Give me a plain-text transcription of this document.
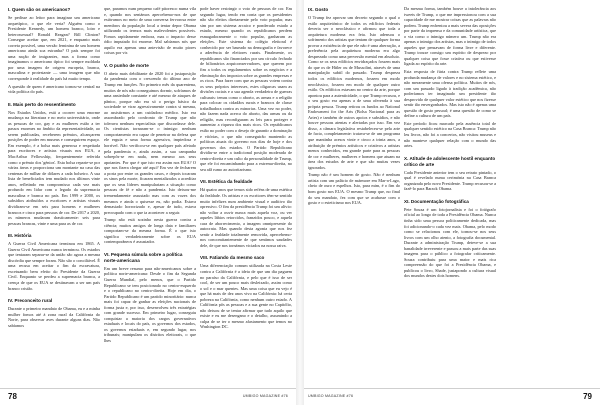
I. Quem são os americanos?

Se pedisse ao leitor para imaginar um americano arquetípico, o que ele veria? Alguém como o Presidente Kennedy, um homem branco, loiro e heterossexual? Ronald Reagan? Bill Clinton? Consegue aceitar que, em 2021, e enquanto mais correta possível, uma versão feminina de um homem americano ainda soa estranha? O país sempre foi uma nação de imigrantes, mas a forma como imaginamos o americano típico foi sempre moldada por uma imagem de origem europeia, branca, masculina e protestante — uma imagem que não corresponde à realidade do país há muito tempo.

A questão de quem é americano tornou-se central na vida política do país.

II. Mais perto do ressentimento

Nos Estados Unidos, está a ocorrer uma enorme mudança na literatura e no meio universitário, onde as pessoas de cor, gay e as mulheres estão a ter passos enormes no âmbito da representatividade, ao serem publicadas, receberem prémios, alcançarem posições de poder em museus e conseguirem espaço. Em exemplo, é a bolsa mais generosa e respeitada para escritores e artistas visuais nos EUA, a MacArthur Fellowship, frequentemente referida como o prémio dos 'génios'. Esta bolsa reparte-se por várias áreas e proporciona um montante na casa das centenas de milhar de dólares a cada bolseiro. A sua lista de beneficiados tem mudado nos últimos vinte anos, refletindo em compromisso cada vez mais profundo em lidar com o legado da supremacia masculina e branca no país. Em 1999 e 2000, os subsídios atribuídos a escritores e artistas visuais dividiram-se em seis para homens e mulheres brancos e cinco para pessoas de cor. De 2017 a 2020, os números mudaram drasticamente: seis para pessoas brancas, vinte e uma para as de cor.

III. História

A Guerra Civil Americana terminou em 1865. A Guerra Civil Americana nunca terminou. Os estados que tentaram separar-se da união são agora a mesma discórdia que sempre foram. Não são o conciliável. É uma recusa em aceitar o fim da escravatura, excetuando bem efeito do Presidente da Guerra Civil. Enquanto se perdeu a supremacia branca, a crença de que os EUA se destinavam a ser um país branco cristão.

IV. Preconceito rural

Durante o primeiro mandato de Obama, eu e a minha mulher fomos até à zona rural da Califórnia do Norte, para observar aves durante alguns dias. Não sabíamos

que, paramos num pequeno café pitoresco numa vila e, quando nos sentámos apercebemo-nos de que estávamos no meio de uma conversa fervorosa entre membros da população local a tentar depor Obama utilizando os termos mais malevolentes possíveis. Fomos rapidamente embora, mas o impacto desse ódio imputado foi enorme. Mal sabíamos nós que aquilo era apenas uma antevisão de muito piores coisas por vir.

V. O punho de morte

O abeto mais debilitante de 2020 foi a justaposição da pandemia com o crescendo do último ano de Trump em funções. No primeiro mês da quarentena, muitos de nós não conseguimos dormir, sofríamos de uma ansiedade constante e até mesmo de ataques de pânico, porque não era só o perigo básico da sociedade se virar agressivamente contra si mesma, ao assistirmos a um cuidadoso médico. Isto era assombrado pelo confronto de Trump que não tolerava nenhum especialista que discordasse dele. Os cientistas tornaram-se o inimigo: nenhum comportamento era capaz de penetrar na defesa que ele erguia e uma forma agressiva, impiedosa e horrível. Não verificou-se em qualquer país afetado pela pandemia e, ainda assim, a sua campanha sobrepôs-se em nada, nem mesmo aos seus apoiantes. Por que é que isto era assim nos EUA? O que nos fizera chegar até aqui? Em vez de fecharem a porta por entre os grandes casos, e depois tocaram os sinos pela morte, ficaram mentalizados a acreditar que os seus líderes manipulariam a situação como pessoas de fé e não a pandemia. Isto deixou-me tremendamente assustado mas com as vozes dos mesmos e ainda o quisesse eu, não podia. Estava demasiado horrorizado e, apesar de tudo, estava preocupado com o que ia acontecer a seguir.

Trump não está sozinho nesta guerra contra a ciência; muitos amigos de longa data e familiares comportam-se da mesma forma. É o que isto significa verdadeiramente sobre os EUA contemporâneos é assustador.

VI. Pequena súmula sobre a política norte-americana

Em um breve resumo para não-americanos sobre a política norte-americana: Desde o fim da Segunda Guerra Mundial, pelo menos, que o Partido Republicano se tem posicionado no centro-esquerdo e o republicano no centro-direita. Hoje em dia, o Partido Republicano é um partido minoritário: nunca mais foi capaz de ganhar as eleições nacionais de forma justa e, por isso, desenvolveu três estratégias com grande sucesso. Em primeiro lugar, conseguiu conquistar a maioria dos cargos governativos estaduais e locais do país, os governos dos estados, os governos estaduais e, em segundo lugar, nos tribunais; manipulam os distritos eleitorais, o que lhes

pode haver restringir o voto de pessoas de cor. Em segundo lugar, tendo em conta que os presidentes não são eleitos diretamente pelo voto popular, mas sim por um sistema arcaico e ponderado estado a estado, mesmo quando os republicanos perdem esmagadoramente o voto popular, ganharam as eleições. Este sistema do colégio eleitoral é conhecido por ser baseado na demografia e favorece a aderência de eleitores rurais. Finalmente, os republicanos são financiados por um círculo fechado de bilionários arquiconservadores, que querem por fim a todos os regulamentos sobre os negócios e a eliminação dos impostos sobre as grandes empresas e os ricos. Para fazer com que as pessoas votem contra os seus próprios interesses, estes oligarcas usam as divisões raciais e a sua agenda verdadeira de guerras culturais: temas como o aborto, as armas e a religião para colocar os cidadãos rurais e brancos de classe trabalhadora contra as minorias. Uma vez no poder, não fazem nada acerca do aborto, das armas ou da religião, mas reconfiguram as leis para proteger e aumentar a riqueza dos mais ricos. Os republicanos estão no poder com o desejo de garantir a dominação e vitórias, o que não conseguirão mantendo as políticas atuais do governo nos dias de hoje e dos governos dos estados. O Partido Republicano dividiu-se entre a tradicional posição moderada de centro-direita e um culto da personalidade de Trump, que ele foi encaminhando para a extrema-direita, no seu afã rumo ao autoritarismo.

VII. Estética da fealdade

Há quatro anos que temos sido reféns de uma estética da fealdade. Os artistas e os escritores têm-se sentido muito infelizes num ambiente visual e auditivo tão opressivo. O fim da presidência Trump foi um alívio: não voltar a ouvir nunca mais aquela voz, ou ver aqueles lábios retorcidos, franzidos pouco, e aquela cara de aborrecimento, a imagem omnipresente do autocrata. Mas quando desta agonia que nos fez sentir a fealdade totalmente removida, apercebemo-nos concomitantemente de que sentimos saudades dele, de que nos tornámos viciados na nossa raiva.

VIII. Fatiando da mesmo saco

Uma diferenciação comum utilizada na Costa Leste contra a Califórnia é a ideia de que um dia paguem no paraíso da Califórnia, e pelo que é isso de ser cool, de ser um pouco mais desleixado, assim como o sol e o mar quentes. Mas uma coisa que eu vejo é que há mais de dez anos vivo na Califórnia: há certa pobreza na Califórnia, como nenhum outro estado. A Califórnia pôs as pessoas e a sua gente no Capitólio, não deixou de se tentar afirmar que tudo aquilo que existe e eu me desengano e o detalho, assumindo a culpa de se ter o mesmo afastamento que temos no Washington DC.

78	UMBIGO MAGAZINE #76
IX. Gosto

O Trump fez aprovar um decreto segundo o qual o estilo arquitetónico de todos os edifícios federais deveria ser o neoclássico e afirmou que toda a arquitetura moderna era feia. Isto adensou o sofrimento dos artistas que tentam de qualquer forma provar a existência de que ele não é uma aberração, a preferência pela arquitetura moderna era algo desprezado como uma perversão mental em absoluto. Como se os seus edifícios envidraçados fossem mais do que os de Hitler ou de Mussolini, através de uma manipulação subtil do passado. Trump despreza todos os edifícios modernos, fossem em modo neoclássico, fossem em modo de qualquer outro estilo. Os edifícios estavam no centro da arte, porque apontou para a autenticidade, o que Trump recusou, e o seu gosto era apenas a de uma oferenda à sua própria pessoa. Trump retirou os fundos ao National Endowment for the Arts (Bolsa Nacional para as Artes) e também de outros apoios e subsídios, e não houve pessoas atentas e alertadas por isso. Em vez disso, a câmara legislativa restabeleceu-se pela arte de facto, completamente: tratava-se de um programa que mantinha acesos vinte e cinco a trinta anos, a atribuição de prémios artísticos e criativos a artistas menos conhecidos, em grande parte para as pessoas de cor e mulheres, mulheres e homens que atuam na área dos estudos de arte e que são muitas vezes ignorados.

Trump não é um homem de gosto. Não é nenhum artista com um palácio de mármore em Mar-a-Lago, cheio de ouro e espelhos. Isto, para mim, é o fim do bom gosto nos EUA. O mesmo Trump que, no final do seu mandato, fez com que se acabasse com o gosto e o esteticismo nos EUA.

Da mesma forma, também houve a intolerância aos tweets de Trump, o que me impressionou com a sua capacidade de me mostrar coisas que as palavras não podem. Trump enfrentou a mais severa das oposições por parte da imprensa e da comunidade artística, que o via como o inimigo número um. Trump não era apenas o inimigo dos artistas, mas o inimigo de todos aqueles que pensavam de forma livre e diferente. Trump trouxe consigo um espírito de desprezo por qualquer coisa que fosse criativa ou que estivesse ligada ao espírito da arte.

Esta resposta de fúria contra Trump reflete uma profunda mudança de valores e no sistema estético, e não meramente uma ofensa política. Muitos de nós, com um passado ligado à tradição académica, não poderíamos ter imaginado um presidente tão desprovido de qualquer valor estético que nos fizesse sentir tão envergonhados. Mas isto não é apenas uma questão de gosto pessoal; é uma questão de como se define a cultura de um país.

Este período ficou marcado pela ausência total de qualquer sentido estético na Casa Branca: Trump não leu livros, não foi a concertos, não visitou museus e não manteve qualquer relação com o mundo das artes.

X. Atitude de adolescente hostil enquanto crítico de arte

Cada Presidente anterior tem o seu retrato pintado, o qual é revelado numa cerimónia na Casa Branca organizada pelo novo Presidente. Trump recusou-se a fazê-lo para Barack Obama.

XI. Documentação fotográfica

Pete Souza é um fotojornalista e foi o fotógrafo oficial ao longo de toda a Presidência Obama. Nunca tinha sido uma pessoa politicamente dedicada, mas foi adicionando-o cada vez mais. Obama, pelo modo como se relacionou com ele, tornou-se nos seus livros com um olho atento, a fotografia documental. Durante a administração Trump, deteve-se a sua banalidade irreverente e passou a mais parte das suas imagens para o público a fotografar criticamente. Souza contribuiu para uma maior e mais rica compreensão do que foi a Presidência Obama, e publicou o livro, Shade, justapondo a cultura visual dos mundos destes dois homens.

UMBIGO MAGAZINE #76	79
